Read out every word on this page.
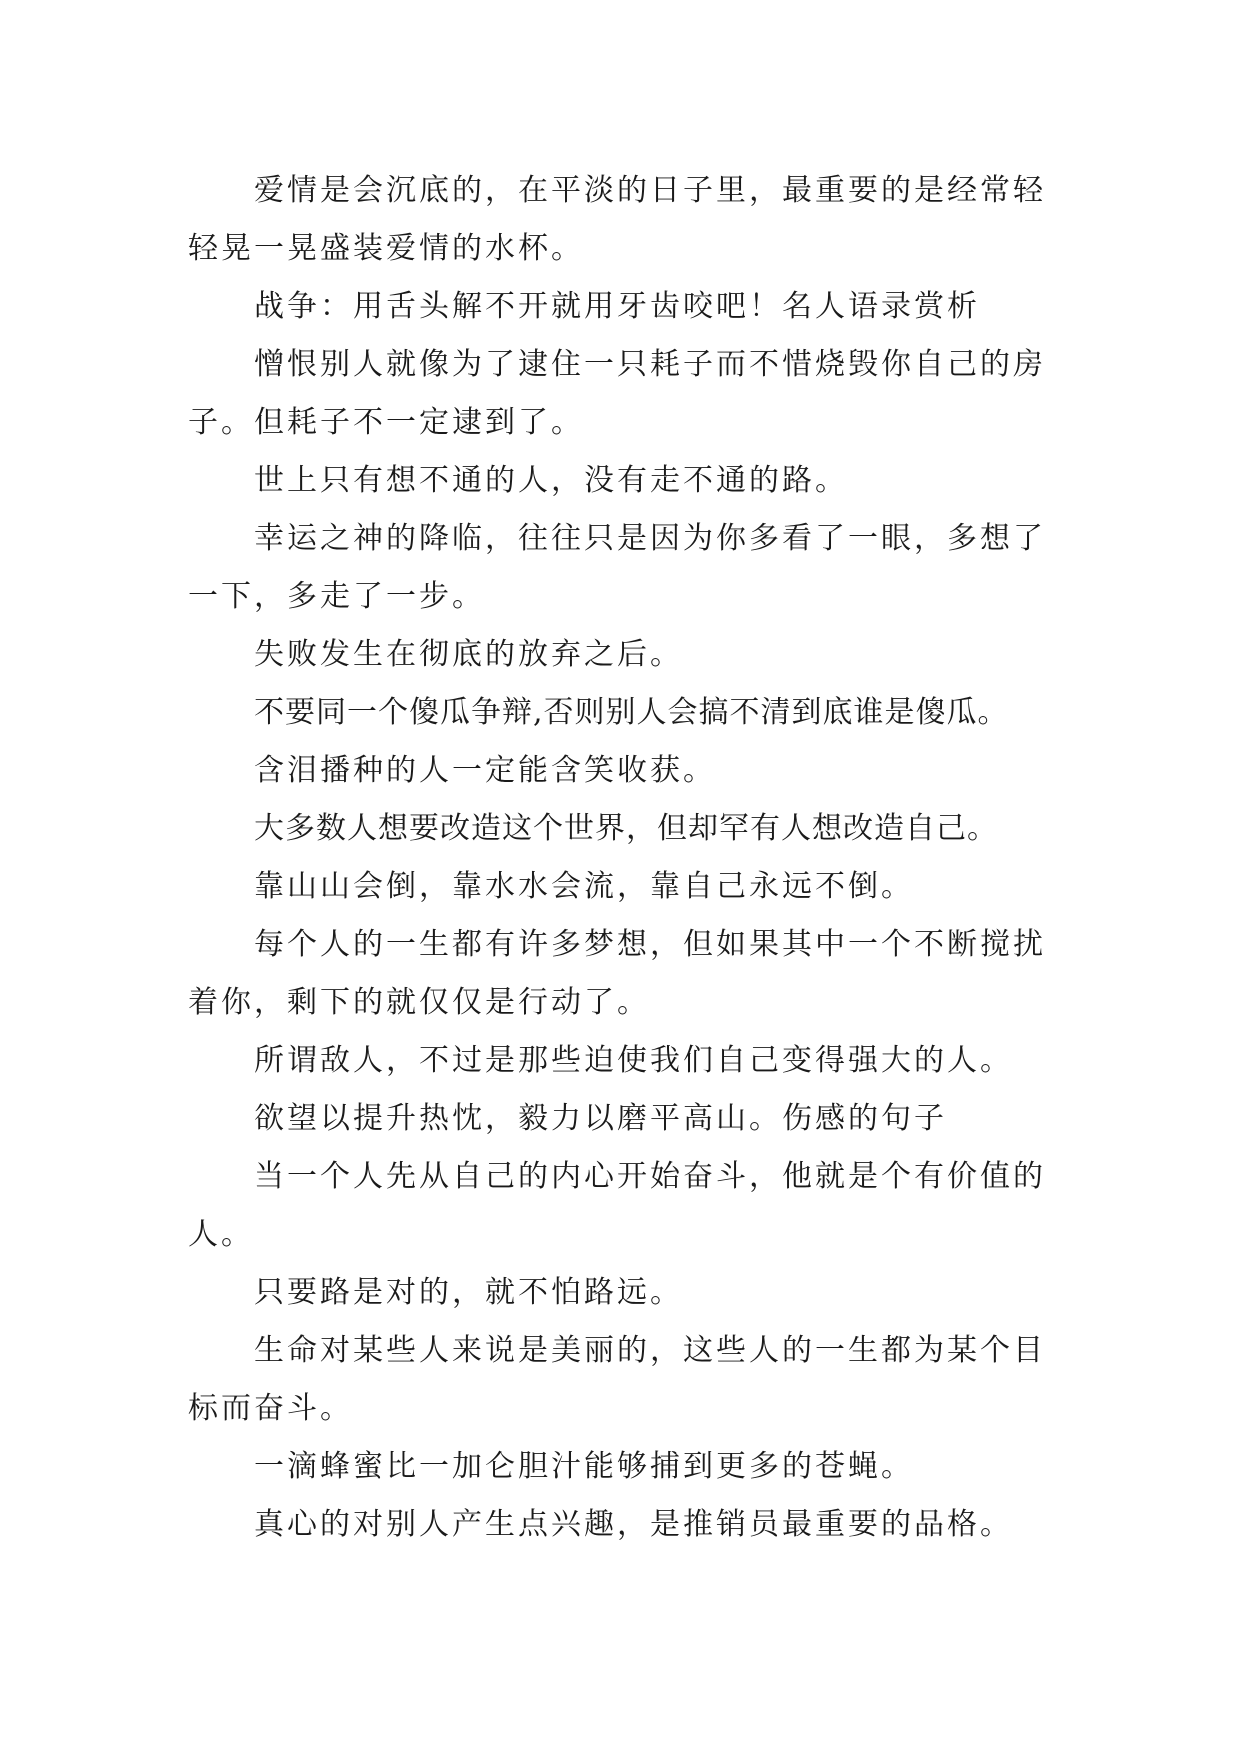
爱情是会沉底的，在平淡的日子里，最重要的是经常轻轻晃一晃盛装爱情的水杯。

战争：用舌头解不开就用牙齿咬吧！名人语录赏析

憎恨别人就像为了逮住一只耗子而不惜烧毁你自己的房子。但耗子不一定逮到了。

世上只有想不通的人，没有走不通的路。

幸运之神的降临，往往只是因为你多看了一眼，多想了一下，多走了一步。

失败发生在彻底的放弃之后。

不要同一个傻瓜争辩,否则别人会搞不清到底谁是傻瓜。

含泪播种的人一定能含笑收获。

大多数人想要改造这个世界，但却罕有人想改造自己。

靠山山会倒，靠水水会流，靠自己永远不倒。

每个人的一生都有许多梦想，但如果其中一个不断搅扰着你，剩下的就仅仅是行动了。

所谓敌人，不过是那些迫使我们自己变得强大的人。

欲望以提升热忱，毅力以磨平高山。伤感的句子

当一个人先从自己的内心开始奋斗，他就是个有价值的人。

只要路是对的，就不怕路远。

生命对某些人来说是美丽的，这些人的一生都为某个目标而奋斗。

一滴蜂蜜比一加仑胆汁能够捕到更多的苍蝇。

真心的对别人产生点兴趣，是推销员最重要的品格。
